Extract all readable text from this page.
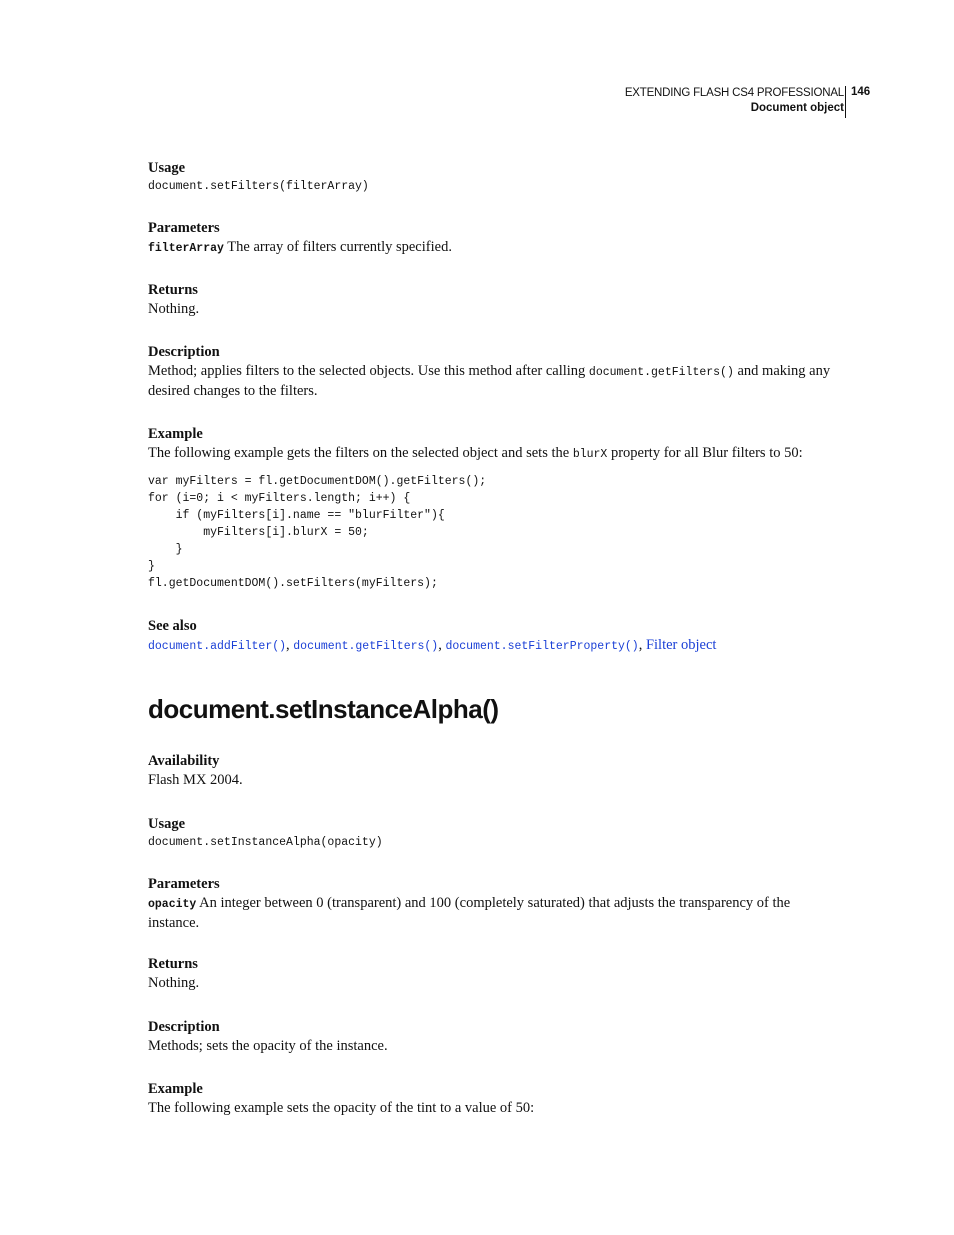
EXTENDING FLASH CS4 PROFESSIONAL
Document object
146
Usage
document.setFilters(filterArray)
Parameters
filterArray The array of filters currently specified.
Returns
Nothing.
Description
Method; applies filters to the selected objects. Use this method after calling document.getFilters() and making any
desired changes to the filters.
Example
The following example gets the filters on the selected object and sets the blurX property for all Blur filters to 50:
var myFilters = fl.getDocumentDOM().getFilters();
for (i=0; i < myFilters.length; i++) {
if (myFilters[i].name == "blurFilter"){
myFilters[i].blurX = 50;
}
}
fl.getDocumentDOM().setFilters(myFilters);
See also
document.addFilter(), document.getFilters(), document.setFilterProperty(), Filter object
document.setInstanceAlpha()
Availability
Flash MX 2004.
Usage
document.setInstanceAlpha(opacity)
Parameters
opacity An integer between 0 (transparent) and 100 (completely saturated) that adjusts the transparency of the
instance.
Returns
Nothing.
Description
Methods; sets the opacity of the instance.
Example
The following example sets the opacity of the tint to a value of 50:
